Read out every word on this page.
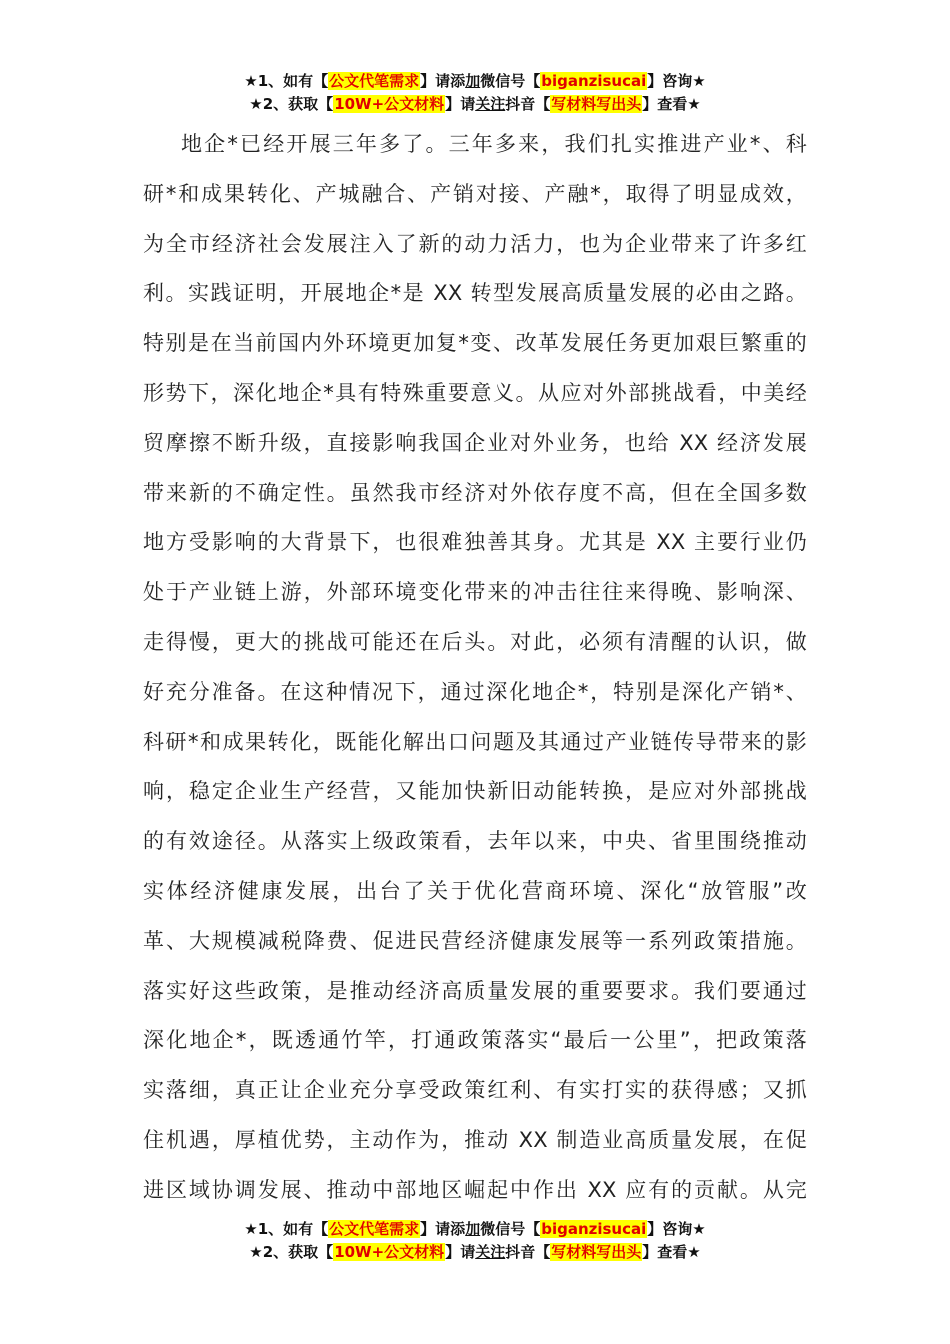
★1、如有【公文代笔需求】请添加微信号【biganzisucai】咨询★
★2、获取【10W+公文材料】请关注抖音【写材料写出头】查看★
地企*已经开展三年多了。三年多来，我们扎实推进产业*、科
研*和成果转化、产城融合、产销对接、产融*，取得了明显成效，
为全市经济社会发展注入了新的动力活力，也为企业带来了许多红
利。实践证明，开展地企*是 XX 转型发展高质量发展的必由之路。
特别是在当前国内外环境更加复*变、改革发展任务更加艰巨繁重的
形势下，深化地企*具有特殊重要意义。从应对外部挑战看，中美经
贸摩擦不断升级，直接影响我国企业对外业务，也给 XX 经济发展
带来新的不确定性。虽然我市经济对外依存度不高，但在全国多数
地方受影响的大背景下，也很难独善其身。尤其是 XX 主要行业仍
处于产业链上游，外部环境变化带来的冲击往往来得晚、影响深、
走得慢，更大的挑战可能还在后头。对此，必须有清醒的认识，做
好充分准备。在这种情况下，通过深化地企*，特别是深化产销*、
科研*和成果转化，既能化解出口问题及其通过产业链传导带来的影
响，稳定企业生产经营，又能加快新旧动能转换，是应对外部挑战
的有效途径。从落实上级政策看，去年以来，中央、省里围绕推动
实体经济健康发展，出台了关于优化营商环境、深化“放管服”改
革、大规模减税降费、促进民营经济健康发展等一系列政策措施。
落实好这些政策，是推动经济高质量发展的重要要求。我们要通过
深化地企*，既透通竹竿，打通政策落实“最后一公里”，把政策落
实落细，真正让企业充分享受政策红利、有实打实的获得感；又抓
住机遇，厚植优势，主动作为，推动 XX 制造业高质量发展，在促
进区域协调发展、推动中部地区崛起中作出 XX 应有的贡献。从完
★1、如有【公文代笔需求】请添加微信号【biganzisucai】咨询★
★2、获取【10W+公文材料】请关注抖音【写材料写出头】查看★
